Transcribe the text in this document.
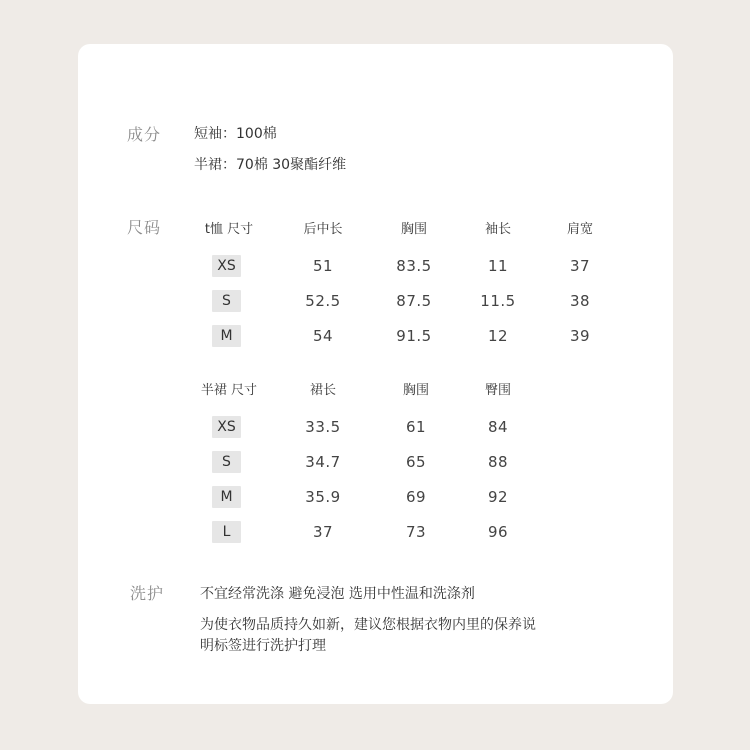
成分 短袖：100棉
半裙：70棉 30聚酯纤维
尺码	t恤 尺寸	后中长	胸围	袖长	肩宽
XS	51	83.5	11	37
S	52.5	87.5	11.5	38
M	54	91.5	12	39
半裙 尺寸	裙长	胸围	臀围
XS	33.5	61	84
S	34.7	65	88
M	35.9	69	92
L	37	73	96
洗护	不宜经常洗涤 避免浸泡 选用中性温和洗涤剂
为使衣物品质持久如新，建议您根据衣物内里的保养说
明标签进行洗护打理
